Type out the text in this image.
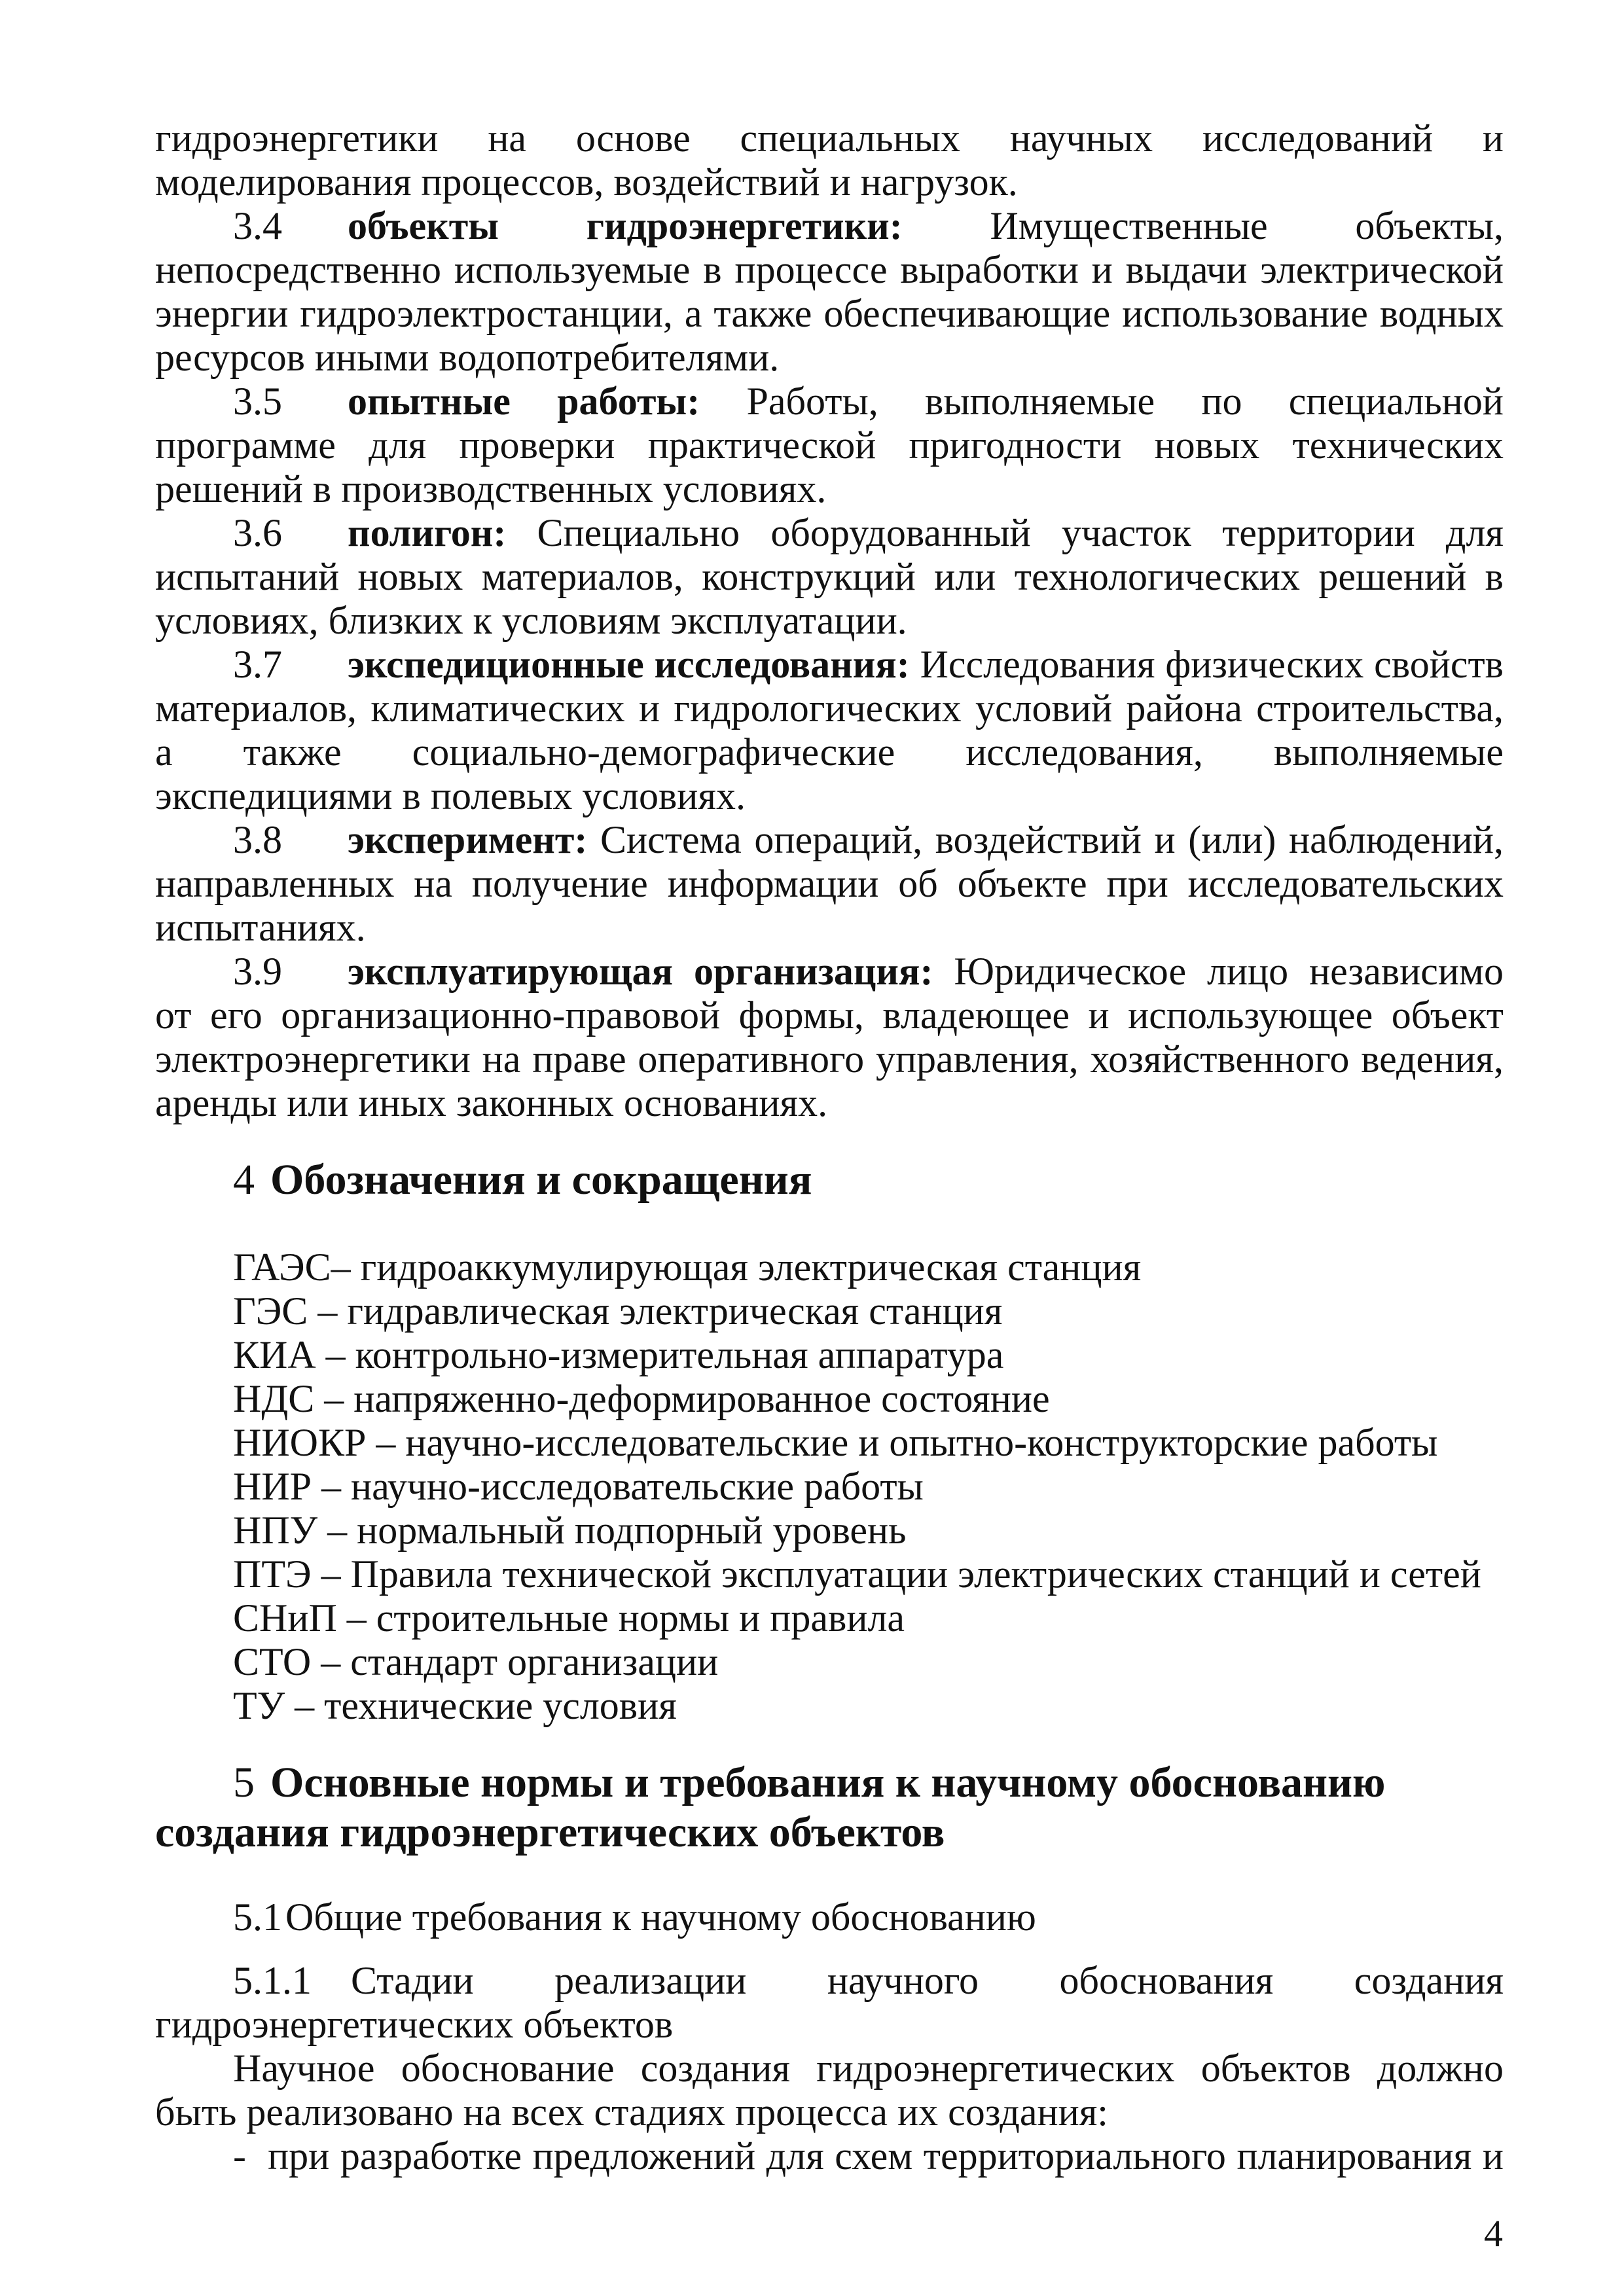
гидроэнергетики на основе специальных научных исследований и моделирования процессов, воздействий и нагрузок.

3.4 объекты гидроэнергетики: Имущественные объекты, непосредственно используемые в процессе выработки и выдачи электрической энергии гидроэлектростанции, а также обеспечивающие использование водных ресурсов иными водопотребителями.

3.5 опытные работы: Работы, выполняемые по специальной программе для проверки практической пригодности новых технических решений в производственных условиях.

3.6 полигон: Специально оборудованный участок территории для испытаний новых материалов, конструкций или технологических решений в условиях, близких к условиям эксплуатации.

3.7 экспедиционные исследования: Исследования физических свойств материалов, климатических и гидрологических условий района строительства, а также социально-демографические исследования, выполняемые экспедициями в полевых условиях.

3.8 эксперимент: Система операций, воздействий и (или) наблюдений, направленных на получение информации об объекте при исследовательских испытаниях.

3.9 эксплуатирующая организация: Юридическое лицо независимо от его организационно-правовой формы, владеющее и использующее объект электроэнергетики на праве оперативного управления, хозяйственного ведения, аренды или иных законных основаниях.

4 Обозначения и сокращения

ГАЭС– гидроаккумулирующая электрическая станция

ГЭС – гидравлическая электрическая станция

КИА – контрольно-измерительная аппаратура

НДС – напряженно-деформированное состояние

НИОКР – научно-исследовательские и опытно-конструкторские работы

НИР – научно-исследовательские работы

НПУ – нормальный подпорный уровень

ПТЭ – Правила технической эксплуатации электрических станций и сетей

СНиП – строительные нормы и правила

СТО – стандарт организации

ТУ – технические условия

5 Основные нормы и требования к научному обоснованию создания гидроэнергетических объектов

5.1Общие требования к научному обоснованию

5.1.1 Стадии реализации научного обоснования создания гидроэнергетических объектов

Научное обоснование создания гидроэнергетических объектов должно быть реализовано на всех стадиях процесса их создания:

- при разработке предложений для схем территориального планирования и

4
